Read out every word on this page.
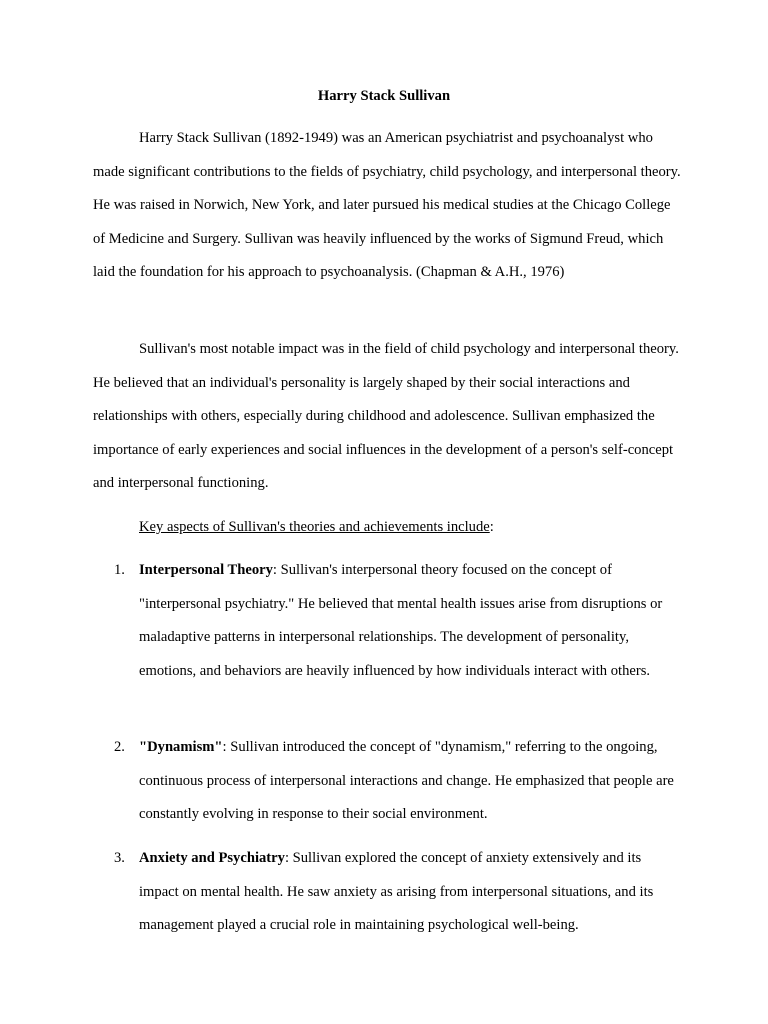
Harry Stack Sullivan

Harry Stack Sullivan (1892-1949) was an American psychiatrist and psychoanalyst who made significant contributions to the fields of psychiatry, child psychology, and interpersonal theory. He was raised in Norwich, New York, and later pursued his medical studies at the Chicago College of Medicine and Surgery. Sullivan was heavily influenced by the works of Sigmund Freud, which laid the foundation for his approach to psychoanalysis. (Chapman & A.H., 1976)

Sullivan's most notable impact was in the field of child psychology and interpersonal theory. He believed that an individual's personality is largely shaped by their social interactions and relationships with others, especially during childhood and adolescence. Sullivan emphasized the importance of early experiences and social influences in the development of a person's self-concept and interpersonal functioning.

Key aspects of Sullivan's theories and achievements include:
1. Interpersonal Theory: Sullivan's interpersonal theory focused on the concept of "interpersonal psychiatry." He believed that mental health issues arise from disruptions or maladaptive patterns in interpersonal relationships. The development of personality, emotions, and behaviors are heavily influenced by how individuals interact with others.
2. "Dynamism": Sullivan introduced the concept of "dynamism," referring to the ongoing, continuous process of interpersonal interactions and change. He emphasized that people are constantly evolving in response to their social environment.
3. Anxiety and Psychiatry: Sullivan explored the concept of anxiety extensively and its impact on mental health. He saw anxiety as arising from interpersonal situations, and its management played a crucial role in maintaining psychological well-being.
